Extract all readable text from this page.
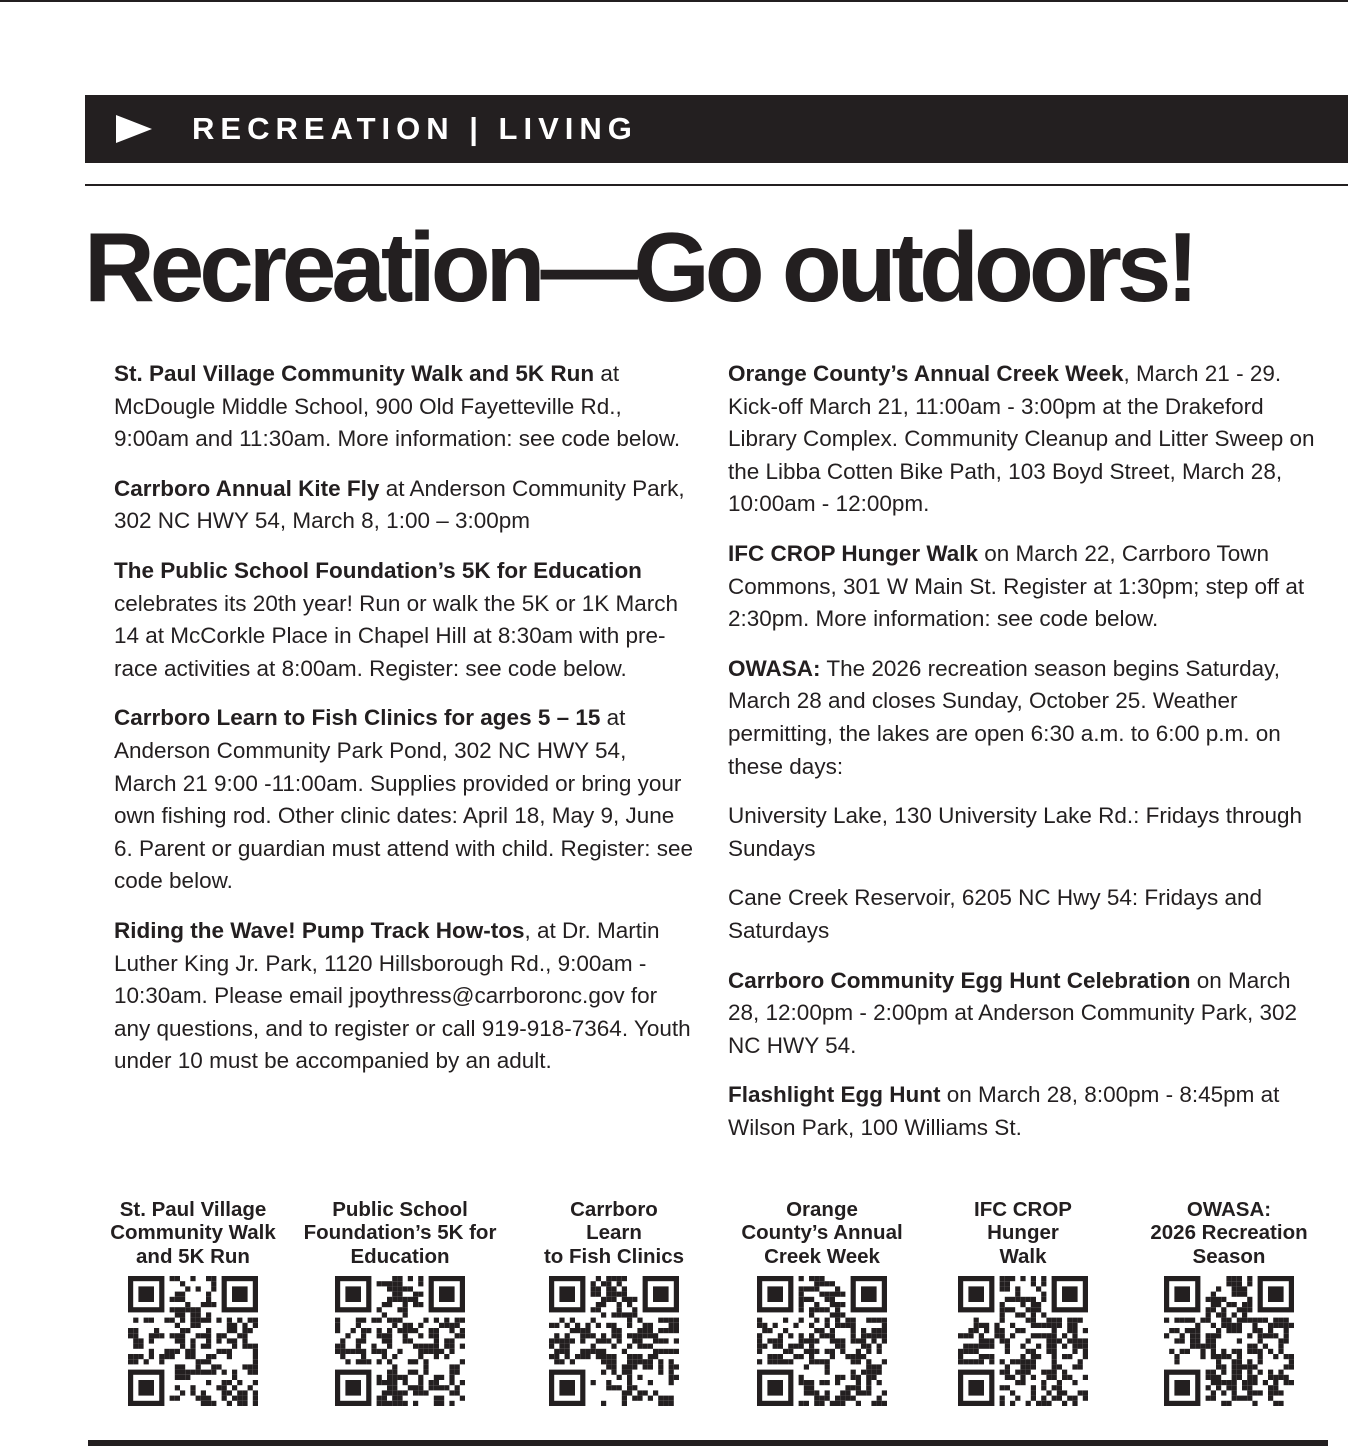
RECREATION | LIVING
Recreation—Go outdoors!

St. Paul Village Community Walk and 5K Run at McDougle Middle School, 900 Old Fayetteville Rd., 9:00am and 11:30am. More information: see code below.

Carrboro Annual Kite Fly at Anderson Community Park, 302 NC HWY 54, March 8, 1:00 – 3:00pm

The Public School Foundation’s 5K for Education celebrates its 20th year! Run or walk the 5K or 1K March 14 at McCorkle Place in Chapel Hill at 8:30am with pre-race activities at 8:00am. Register: see code below.

Carrboro Learn to Fish Clinics for ages 5 – 15 at Anderson Community Park Pond, 302 NC HWY 54, March 21 9:00 -11:00am. Supplies provided or bring your own fishing rod. Other clinic dates: April 18, May 9, June 6. Parent or guardian must attend with child. Register: see code below.

Riding the Wave! Pump Track How-tos, at Dr. Martin Luther King Jr. Park, 1120 Hillsborough Rd., 9:00am - 10:30am. Please email jpoythress@carrboronc.gov for any questions, and to register or call 919-918-7364. Youth under 10 must be accompanied by an adult.

Orange County’s Annual Creek Week, March 21 - 29. Kick-off March 21, 11:00am - 3:00pm at the Drakeford Library Complex. Community Cleanup and Litter Sweep on the Libba Cotten Bike Path, 103 Boyd Street, March 28, 10:00am - 12:00pm.

IFC CROP Hunger Walk on March 22, Carrboro Town Commons, 301 W Main St. Register at 1:30pm; step off at 2:30pm. More information: see code below.

OWASA: The 2026 recreation season begins Saturday, March 28 and closes Sunday, October 25. Weather permitting, the lakes are open 6:30 a.m. to 6:00 p.m. on these days:

University Lake, 130 University Lake Rd.: Fridays through Sundays

Cane Creek Reservoir, 6205 NC Hwy 54: Fridays and Saturdays

Carrboro Community Egg Hunt Celebration on March 28, 12:00pm - 2:00pm at Anderson Community Park, 302 NC HWY 54.

Flashlight Egg Hunt on March 28, 8:00pm - 8:45pm at Wilson Park, 100 Williams St.

St. Paul Village
Community Walk
and 5K Run
Public School
Foundation’s 5K for
Education
Carrboro
Learn
to Fish Clinics
Orange
County’s Annual
Creek Week
IFC CROP
Hunger
Walk
OWASA:
2026 Recreation
Season
